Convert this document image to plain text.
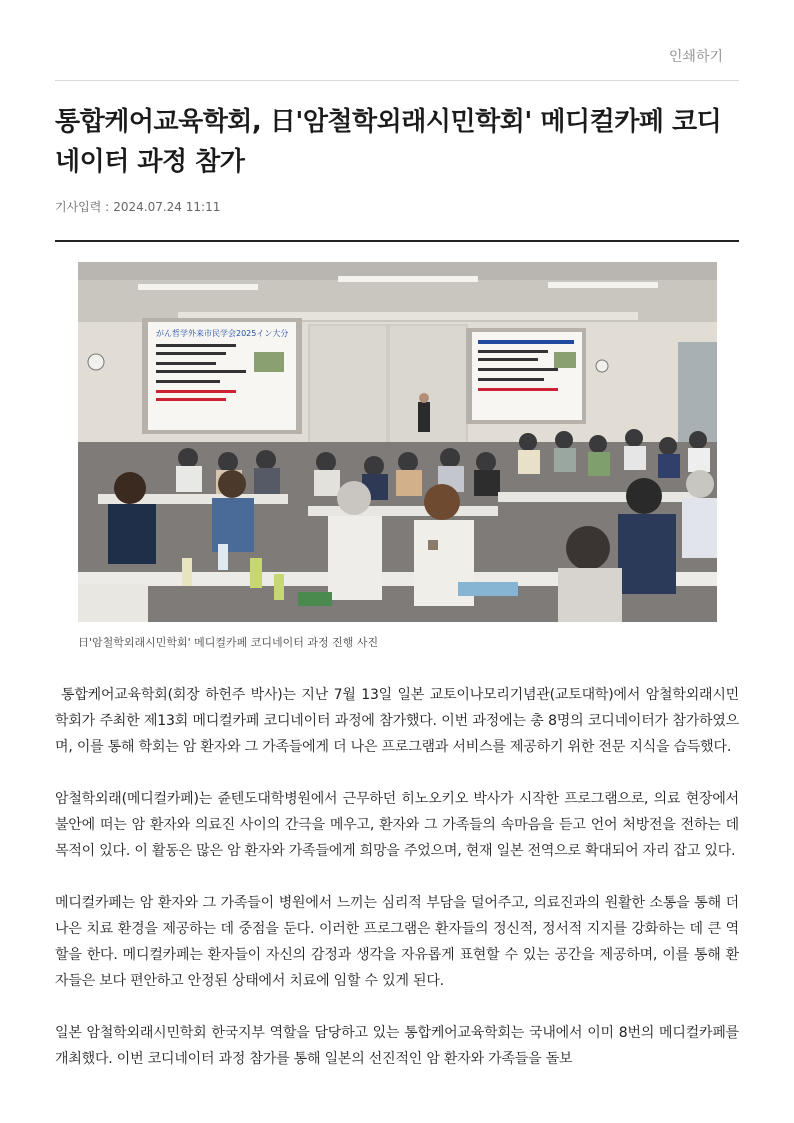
인쇄하기
통합케어교육학회, 日'암철학외래시민학회' 메디컬카페 코디네이터 과정 참가
기사입력 : 2024.07.24 11:11
がん哲学外来市民学会2025イン大分
日'암철학외래시민학회' 메디컬카페 코디네이터 과정 진행 사진

통합케어교육학회(회장 하헌주 박사)는 지난 7월 13일 일본 교토이나모리기념관(교토대학)에서 암철학외래시민학회가 주최한 제13회 메디컬카페 코디네이터 과정에 참가했다. 이번 과정에는 총 8명의 코디네이터가 참가하였으며, 이를 통해 학회는 암 환자와 그 가족들에게 더 나은 프로그램과 서비스를 제공하기 위한 전문 지식을 습득했다.

암철학외래(메디컬카페)는 쥰텐도대학병원에서 근무하던 히노오키오 박사가 시작한 프로그램으로, 의료 현장에서 불안에 떠는 암 환자와 의료진 사이의 간극을 메우고, 환자와 그 가족들의 속마음을 듣고 언어 처방전을 전하는 데 목적이 있다. 이 활동은 많은 암 환자와 가족들에게 희망을 주었으며, 현재 일본 전역으로 확대되어 자리 잡고 있다.

메디컬카페는 암 환자와 그 가족들이 병원에서 느끼는 심리적 부담을 덜어주고, 의료진과의 원활한 소통을 통해 더 나은 치료 환경을 제공하는 데 중점을 둔다. 이러한 프로그램은 환자들의 정신적, 정서적 지지를 강화하는 데 큰 역할을 한다. 메디컬카페는 환자들이 자신의 감정과 생각을 자유롭게 표현할 수 있는 공간을 제공하며, 이를 통해 환자들은 보다 편안하고 안정된 상태에서 치료에 임할 수 있게 된다.

일본 암철학외래시민학회 한국지부 역할을 담당하고 있는 통합케어교육학회는 국내에서 이미 8번의 메디컬카페를 개최했다. 이번 코디네이터 과정 참가를 통해 일본의 선진적인 암 환자와 가족들을 돌보
